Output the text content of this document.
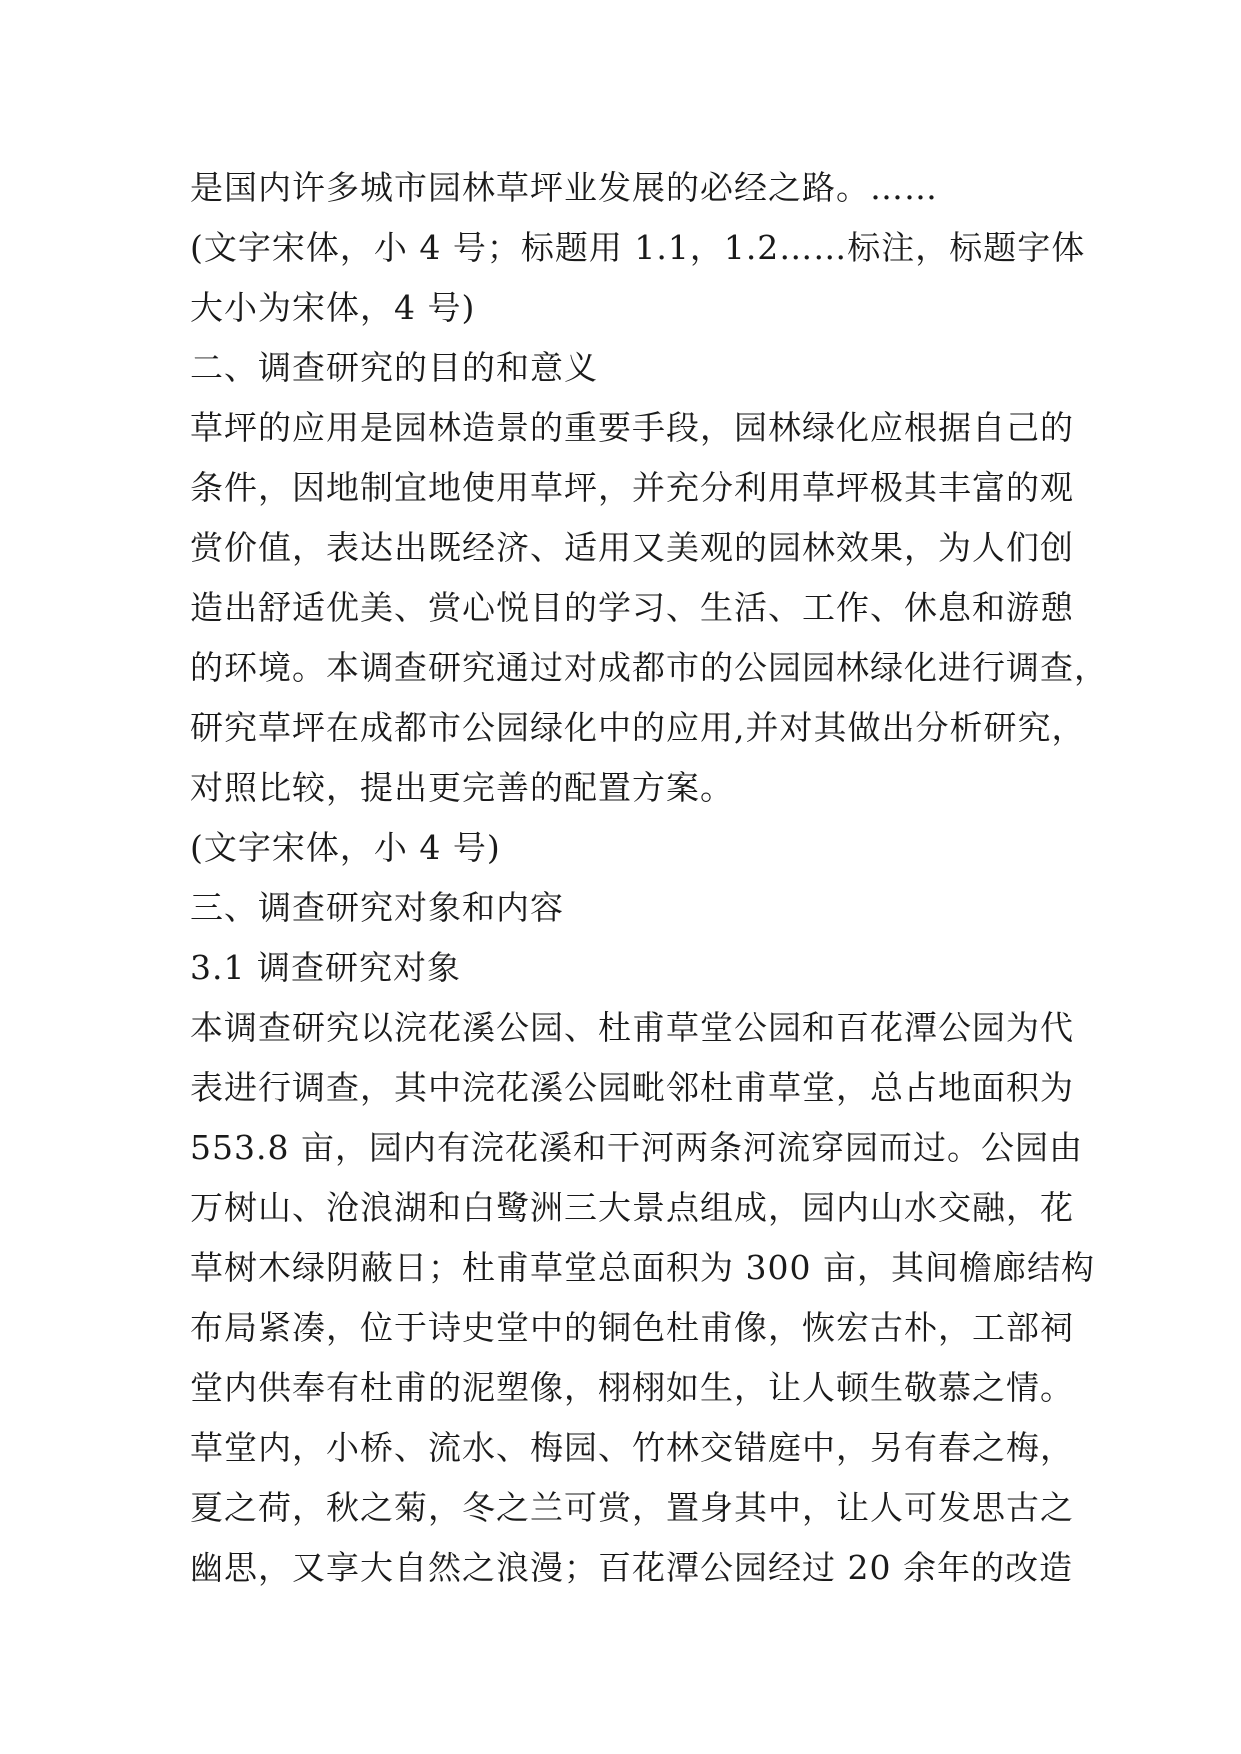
是国内许多城市园林草坪业发展的必经之路。……
(文字宋体，小 4 号；标题用 1.1，1.2……标注，标题字体
大小为宋体，4 号)
二、调查研究的目的和意义
草坪的应用是园林造景的重要手段，园林绿化应根据自己的
条件，因地制宜地使用草坪，并充分利用草坪极其丰富的观
赏价值，表达出既经济、适用又美观的园林效果，为人们创
造出舒适优美、赏心悦目的学习、生活、工作、休息和游憩
的环境。本调查研究通过对成都市的公园园林绿化进行调查，
研究草坪在成都市公园绿化中的应用,并对其做出分析研究，
对照比较，提出更完善的配置方案。
(文字宋体，小 4 号)
三、调查研究对象和内容
3.1 调查研究对象
本调查研究以浣花溪公园、杜甫草堂公园和百花潭公园为代
表进行调查，其中浣花溪公园毗邻杜甫草堂，总占地面积为
553.8 亩，园内有浣花溪和干河两条河流穿园而过。公园由
万树山、沧浪湖和白鹭洲三大景点组成，园内山水交融，花
草树木绿阴蔽日；杜甫草堂总面积为 300 亩，其间檐廊结构
布局紧凑，位于诗史堂中的铜色杜甫像，恢宏古朴，工部祠
堂内供奉有杜甫的泥塑像，栩栩如生，让人顿生敬慕之情。
草堂内，小桥、流水、梅园、竹林交错庭中，另有春之梅，
夏之荷，秋之菊，冬之兰可赏，置身其中，让人可发思古之
幽思，又享大自然之浪漫；百花潭公园经过 20 余年的改造
